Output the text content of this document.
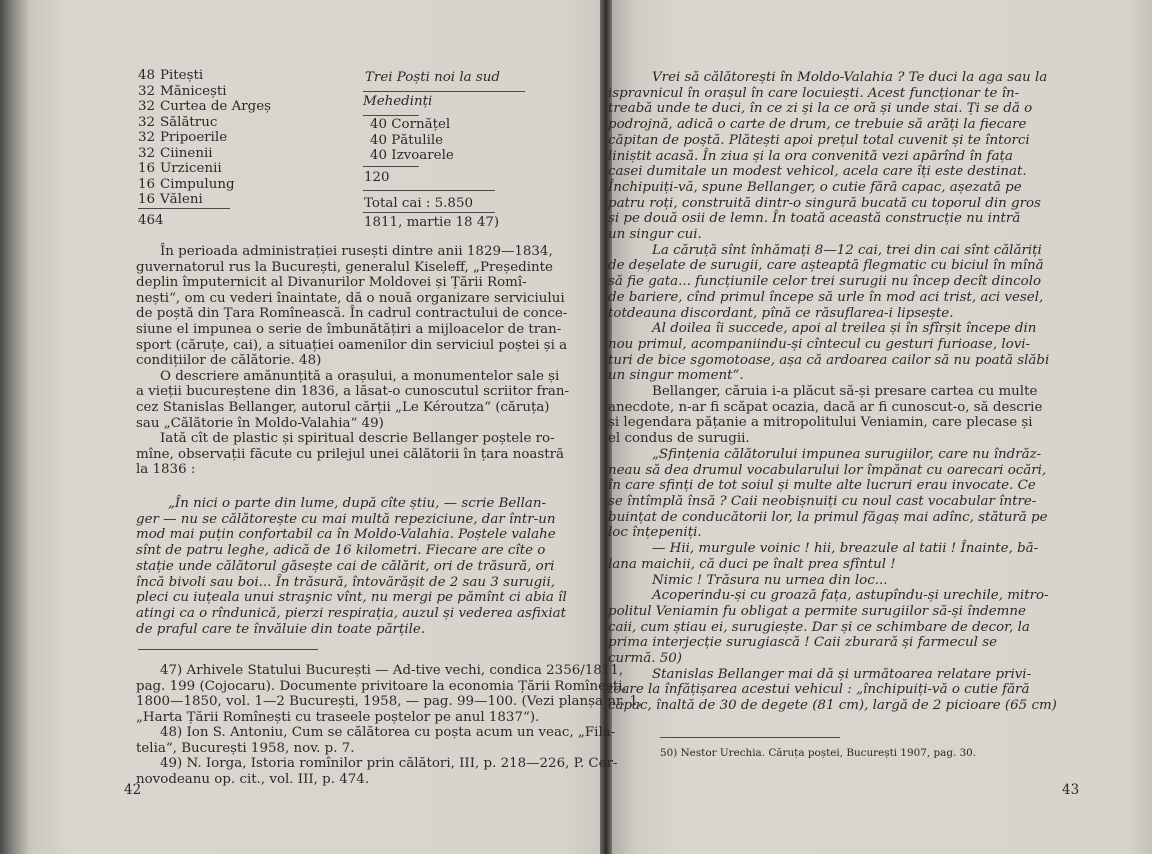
48 Pitești
32 Mănicești
32 Curtea de Argeș
32 Sălătruc
32 Pripoerile
32 Ciinenii
16 Urzicenii
16 Cimpulung
16 Văleni
464
Trei Poști noi la sud
Mehedinți
40 Cornățel
40 Pătulile
40 Izvoarele
120
Total cai : 5.850
1811, martie 18 47)
În perioada administrației rusești dintre anii 1829—1834,
guvernatorul rus la București, generalul Kiseleff, „Președinte
deplin împuternicit al Divanurilor Moldovei și Țării Romî-
nești“, om cu vederi înaintate, dă o nouă organizare serviciului
de poștă din Țara Romînească. În cadrul contractului de conce-
siune el impunea o serie de îmbunătățiri a mijloacelor de tran-
sport (căruțe, cai), a situației oamenilor din serviciul poștei și a
condițiilor de călătorie. 48)
O descriere amănunțită a orașului, a monumentelor sale și
a vieții bucureștene din 1836, a lăsat-o cunoscutul scriitor fran-
cez Stanislas Bellanger, autorul cărții „Le Kéroutza“ (căruța)
sau „Călătorie în Moldo-Valahia“ 49)
Iată cît de plastic și spiritual descrie Bellanger poștele ro-
mîne, observații făcute cu prilejul unei călătorii în țara noastră
la 1836 :
„În nici o parte din lume, după cîte știu, — scrie Bellan-
ger — nu se călătorește cu mai multă repeziciune, dar într-un
mod mai puțin confortabil ca în Moldo-Valahia. Poștele valahe
sînt de patru leghe, adică de 16 kilometri. Fiecare are cîte o
stație unde călătorul găsește cai de călărit, ori de trăsură, ori
încă bivoli sau boi... În trăsură, întovărășit de 2 sau 3 surugii,
pleci cu iuțeala unui straşnic vînt, nu mergi pe pămînt ci abia îl
atingi ca o rîndunică, pierzi respirația, auzul și vederea asfixiat
de praful care te învăluie din toate părțile.
47) Arhivele Statului București — Ad-tive vechi, condica 2356/1811,
pag. 199 (Cojocaru). Documente privitoare la economia Țării Romînești,
1800—1850, vol. 1—2 București, 1958, — pag. 99—100. (Vezi planșa nr. 1,
„Harta Țării Romînești cu traseele poștelor pe anul 1837“).
48) Ion S. Antoniu, Cum se călătorea cu poșta acum un veac, „Fila-
telia“, București 1958, nov. p. 7.
49) N. Iorga, Istoria romînilor prin călători, III, p. 218—226, P. Cer-
novodeanu op. cit., vol. III, p. 474.
42
Vrei să călătorești în Moldo-Valahia ? Te duci la aga sau la
ispravnicul în orașul în care locuiești. Acest funcționar te în-
treabă unde te duci, în ce zi și la ce oră și unde stai. Ți se dă o
podrojnă, adică o carte de drum, ce trebuie să arăți la fiecare
căpitan de poștă. Plătești apoi prețul total cuvenit și te întorci
liniștit acasă. În ziua și la ora convenită vezi apărînd în fața
casei dumitale un modest vehicol, acela care îți este destinat.
Închipuiți-vă, spune Bellanger, o cutie fără capac, așezată pe
patru roți, construită dintr-o singură bucată cu toporul din gros
și pe două osii de lemn. În toată această construcție nu intră
un singur cui.
La căruță sînt înhămați 8—12 cai, trei din cai sînt călăriți
de deșelate de surugii, care așteaptă flegmatic cu biciul în mînă
să fie gata... funcțiunile celor trei surugii nu încep decît dincolo
de bariere, cînd primul începe să urle în mod aci trist, aci vesel,
totdeauna discordant, pînă ce răsuflarea-i lipsește.
Al doilea îi succede, apoi al treilea și în sfîrșit începe din
nou primul, acompaniindu-și cîntecul cu gesturi furioase, lovi-
turi de bice sgomotoase, așa că ardoarea cailor să nu poată slăbi
un singur moment“.
Bellanger, căruia i-a plăcut să-și presare cartea cu multe
anecdote, n-ar fi scăpat ocazia, dacă ar fi cunoscut-o, să descrie
și legendara pățanie a mitropolitului Veniamin, care plecase și
el condus de surugii.
„Sfințenia călătorului impunea surugiilor, care nu îndrăz-
neau să dea drumul vocabularului lor împănat cu oarecari ocări,
în care sfinți de tot soiul și multe alte lucruri erau invocate. Ce
se întîmplă însă ? Caii neobișnuiți cu noul cast vocabular între-
buințat de conducătorii lor, la primul făgaș mai adînc, stătură pe
loc înțepeniți.
— Hii, murgule voinic ! hii, breazule al tatii ! Înainte, bă-
lana maichii, că duci pe înalt prea sfîntul !
Nimic ! Trăsura nu urnea din loc...
Acoperindu-și cu groază fața, astupîndu-și urechile, mitro-
politul Veniamin fu obligat a permite surugiilor să-și îndemne
caii, cum știau ei, surugiește. Dar și ce schimbare de decor, la
prima interjecție surugiască ! Caii zburară și farmecul se
curmă. 50)
Stanislas Bellanger mai dă și următoarea relatare privi-
toare la înfățișarea acestui vehicul : „închipuiți-vă o cutie fără
capac, înaltă de 30 de degete (81 cm), largă de 2 picioare (65 cm)
50) Nestor Urechia. Căruța poștei, București 1907, pag. 30.
43
